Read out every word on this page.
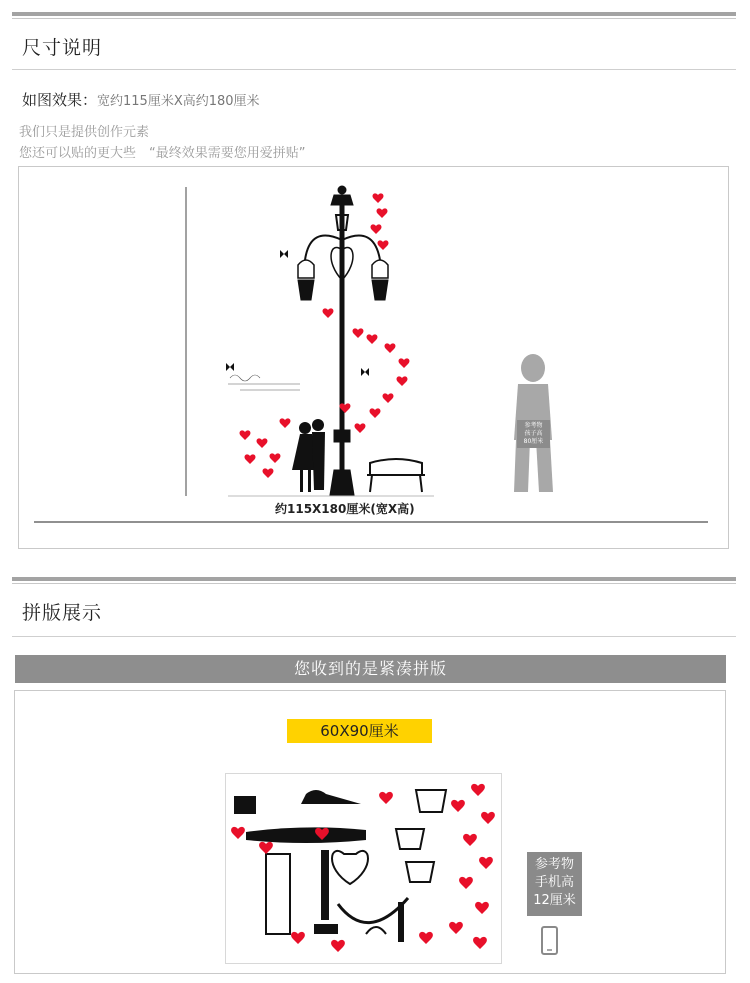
尺寸说明
如图效果：宽约115厘米X高约180厘米
我们只是提供创作元素
您还可以贴的更大些　“最终效果需要您用爱拼贴”
参考物
孩子高
80厘米
约115X180厘米(宽X高)
拼版展示
您收到的是紧凑拼版
60X90厘米
参考物
手机高
12厘米
